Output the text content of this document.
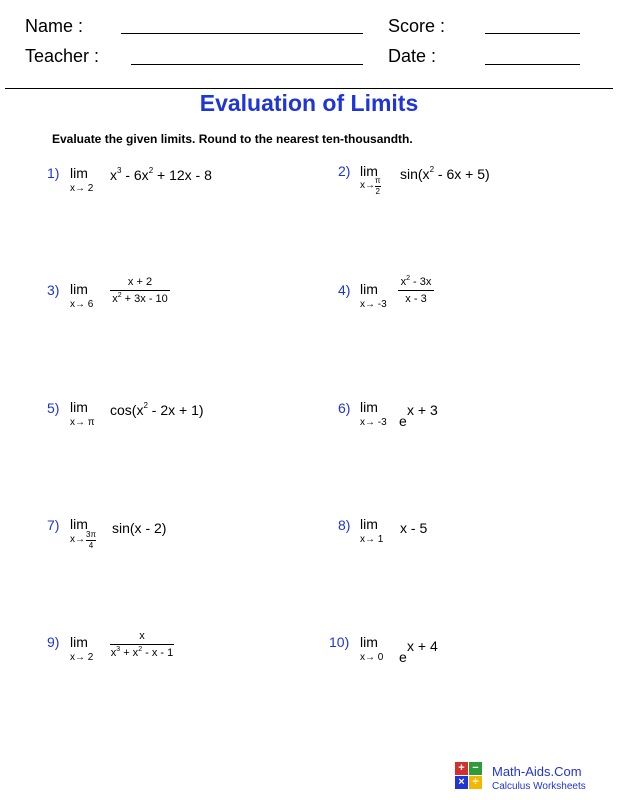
Name :	Score :
Teacher :	Date :
Evaluation of Limits
Evaluate the given limits. Round to the nearest ten-thousandth.
1) lim
x→ 2
$x^3 - 6x^2 + 12x - 8$	2) lim
x→ π
2
$\sin(x^2 - 6x + 5)$
3) lim
x→ 6
x + 2
$x^2 + 3x - 10$
4) lim
x→ -3
$x^2 - 3x$
x - 3
5) lim
x→ π
$\cos(x^2 - 2x + 1)$	6) lim
x→ -3 e
x + 3
7) lim
x→ 3π
4
sin(x - 2)	8) lim
x→ 1
x - 5
9) lim
x→ 2
x
$x^3 + x^2 - x - 1$
10) lim
x→ 0 e
x + 4
+ −
× ÷
Math-Aids.Com
Calculus Worksheets
